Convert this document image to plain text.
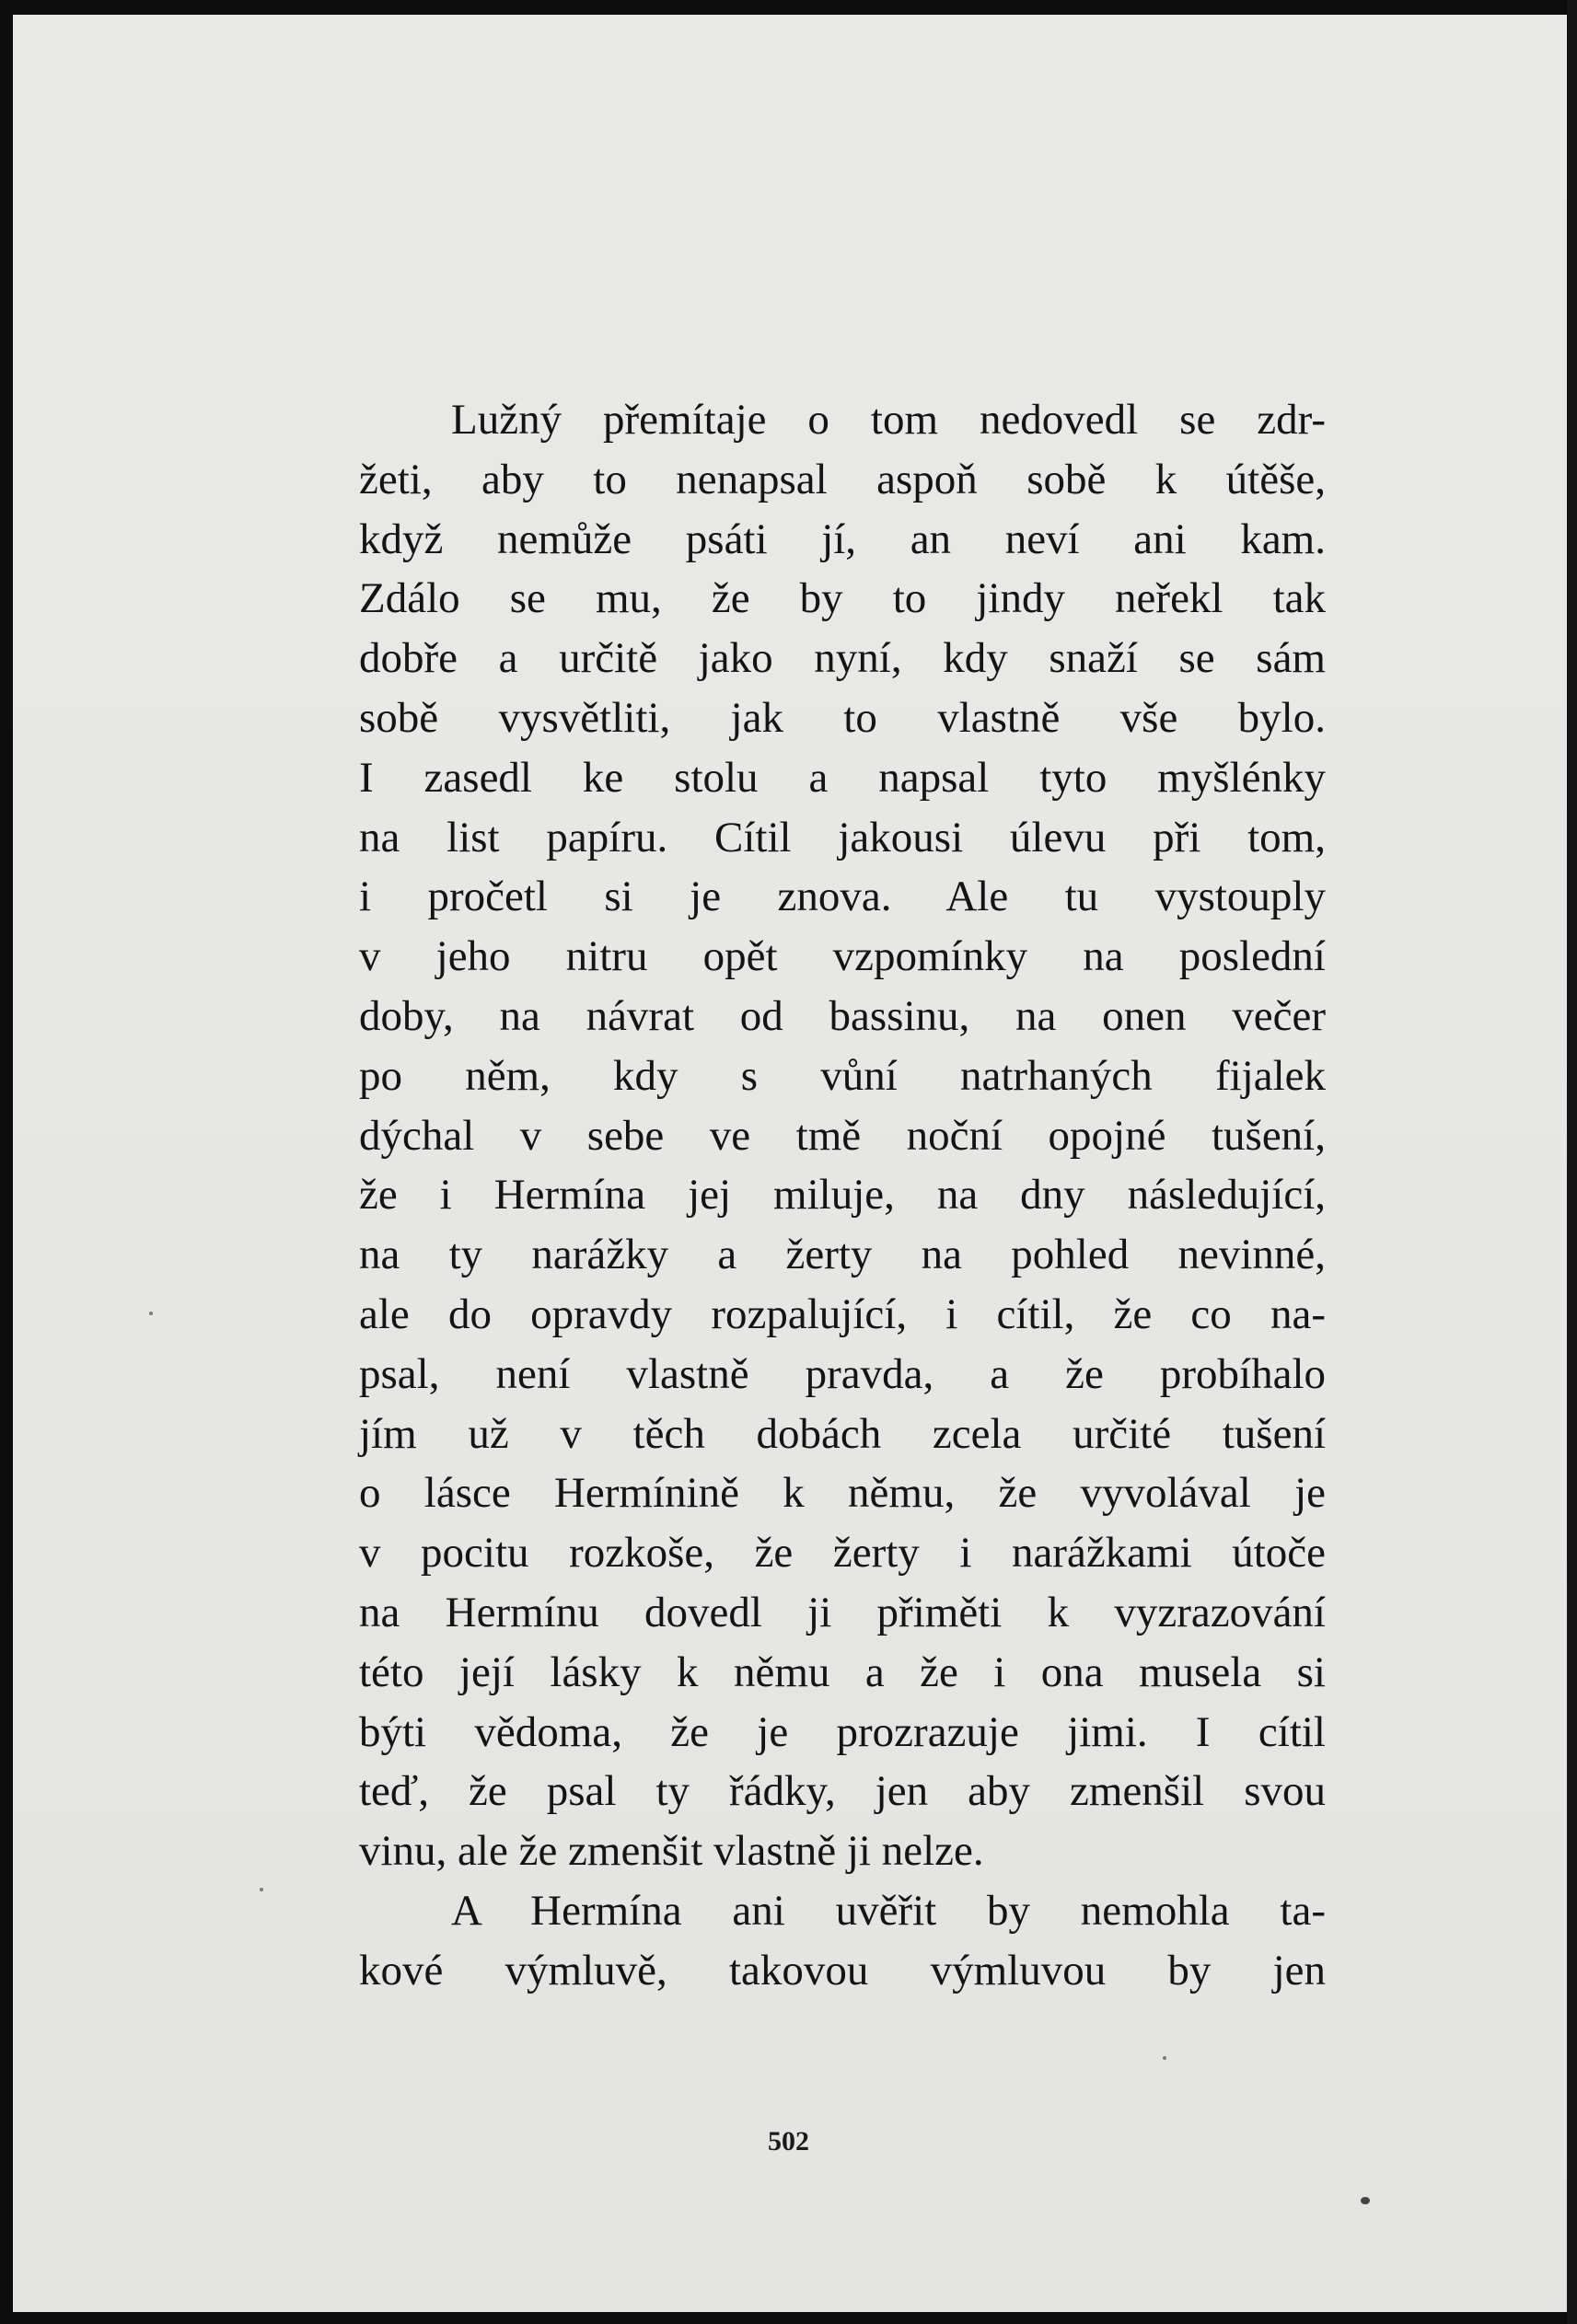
Lužný přemítaje o tom nedovedl se zdr-
žeti, aby to nenapsal aspoň sobě k útěše,
když nemůže psáti jí, an neví ani kam.
Zdálo se mu, že by to jindy neřekl tak
dobře a určitě jako nyní, kdy snaží se sám
sobě vysvětliti, jak to vlastně vše bylo.
I zasedl ke stolu a napsal tyto myšlénky
na list papíru. Cítil jakousi úlevu při tom,
i pročetl si je znova. Ale tu vystouply
v jeho nitru opět vzpomínky na poslední
doby, na návrat od bassinu, na onen večer
po něm, kdy s vůní natrhaných fijalek
dýchal v sebe ve tmě noční opojné tušení,
že i Hermína jej miluje, na dny následující,
na ty narážky a žerty na pohled nevinné,
ale do opravdy rozpalující, i cítil, že co na-
psal, není vlastně pravda, a že probíhalo
jím už v těch dobách zcela určité tušení
o lásce Hermínině k němu, že vyvolával je
v pocitu rozkoše, že žerty i narážkami útoče
na Hermínu dovedl ji přiměti k vyzrazování
této její lásky k němu a že i ona musela si
býti vědoma, že je prozrazuje jimi. I cítil
teď, že psal ty řádky, jen aby zmenšil svou
vinu, ale že zmenšit vlastně ji nelze.
A Hermína ani uvěřit by nemohla ta-
kové výmluvě, takovou výmluvou by jen
502
